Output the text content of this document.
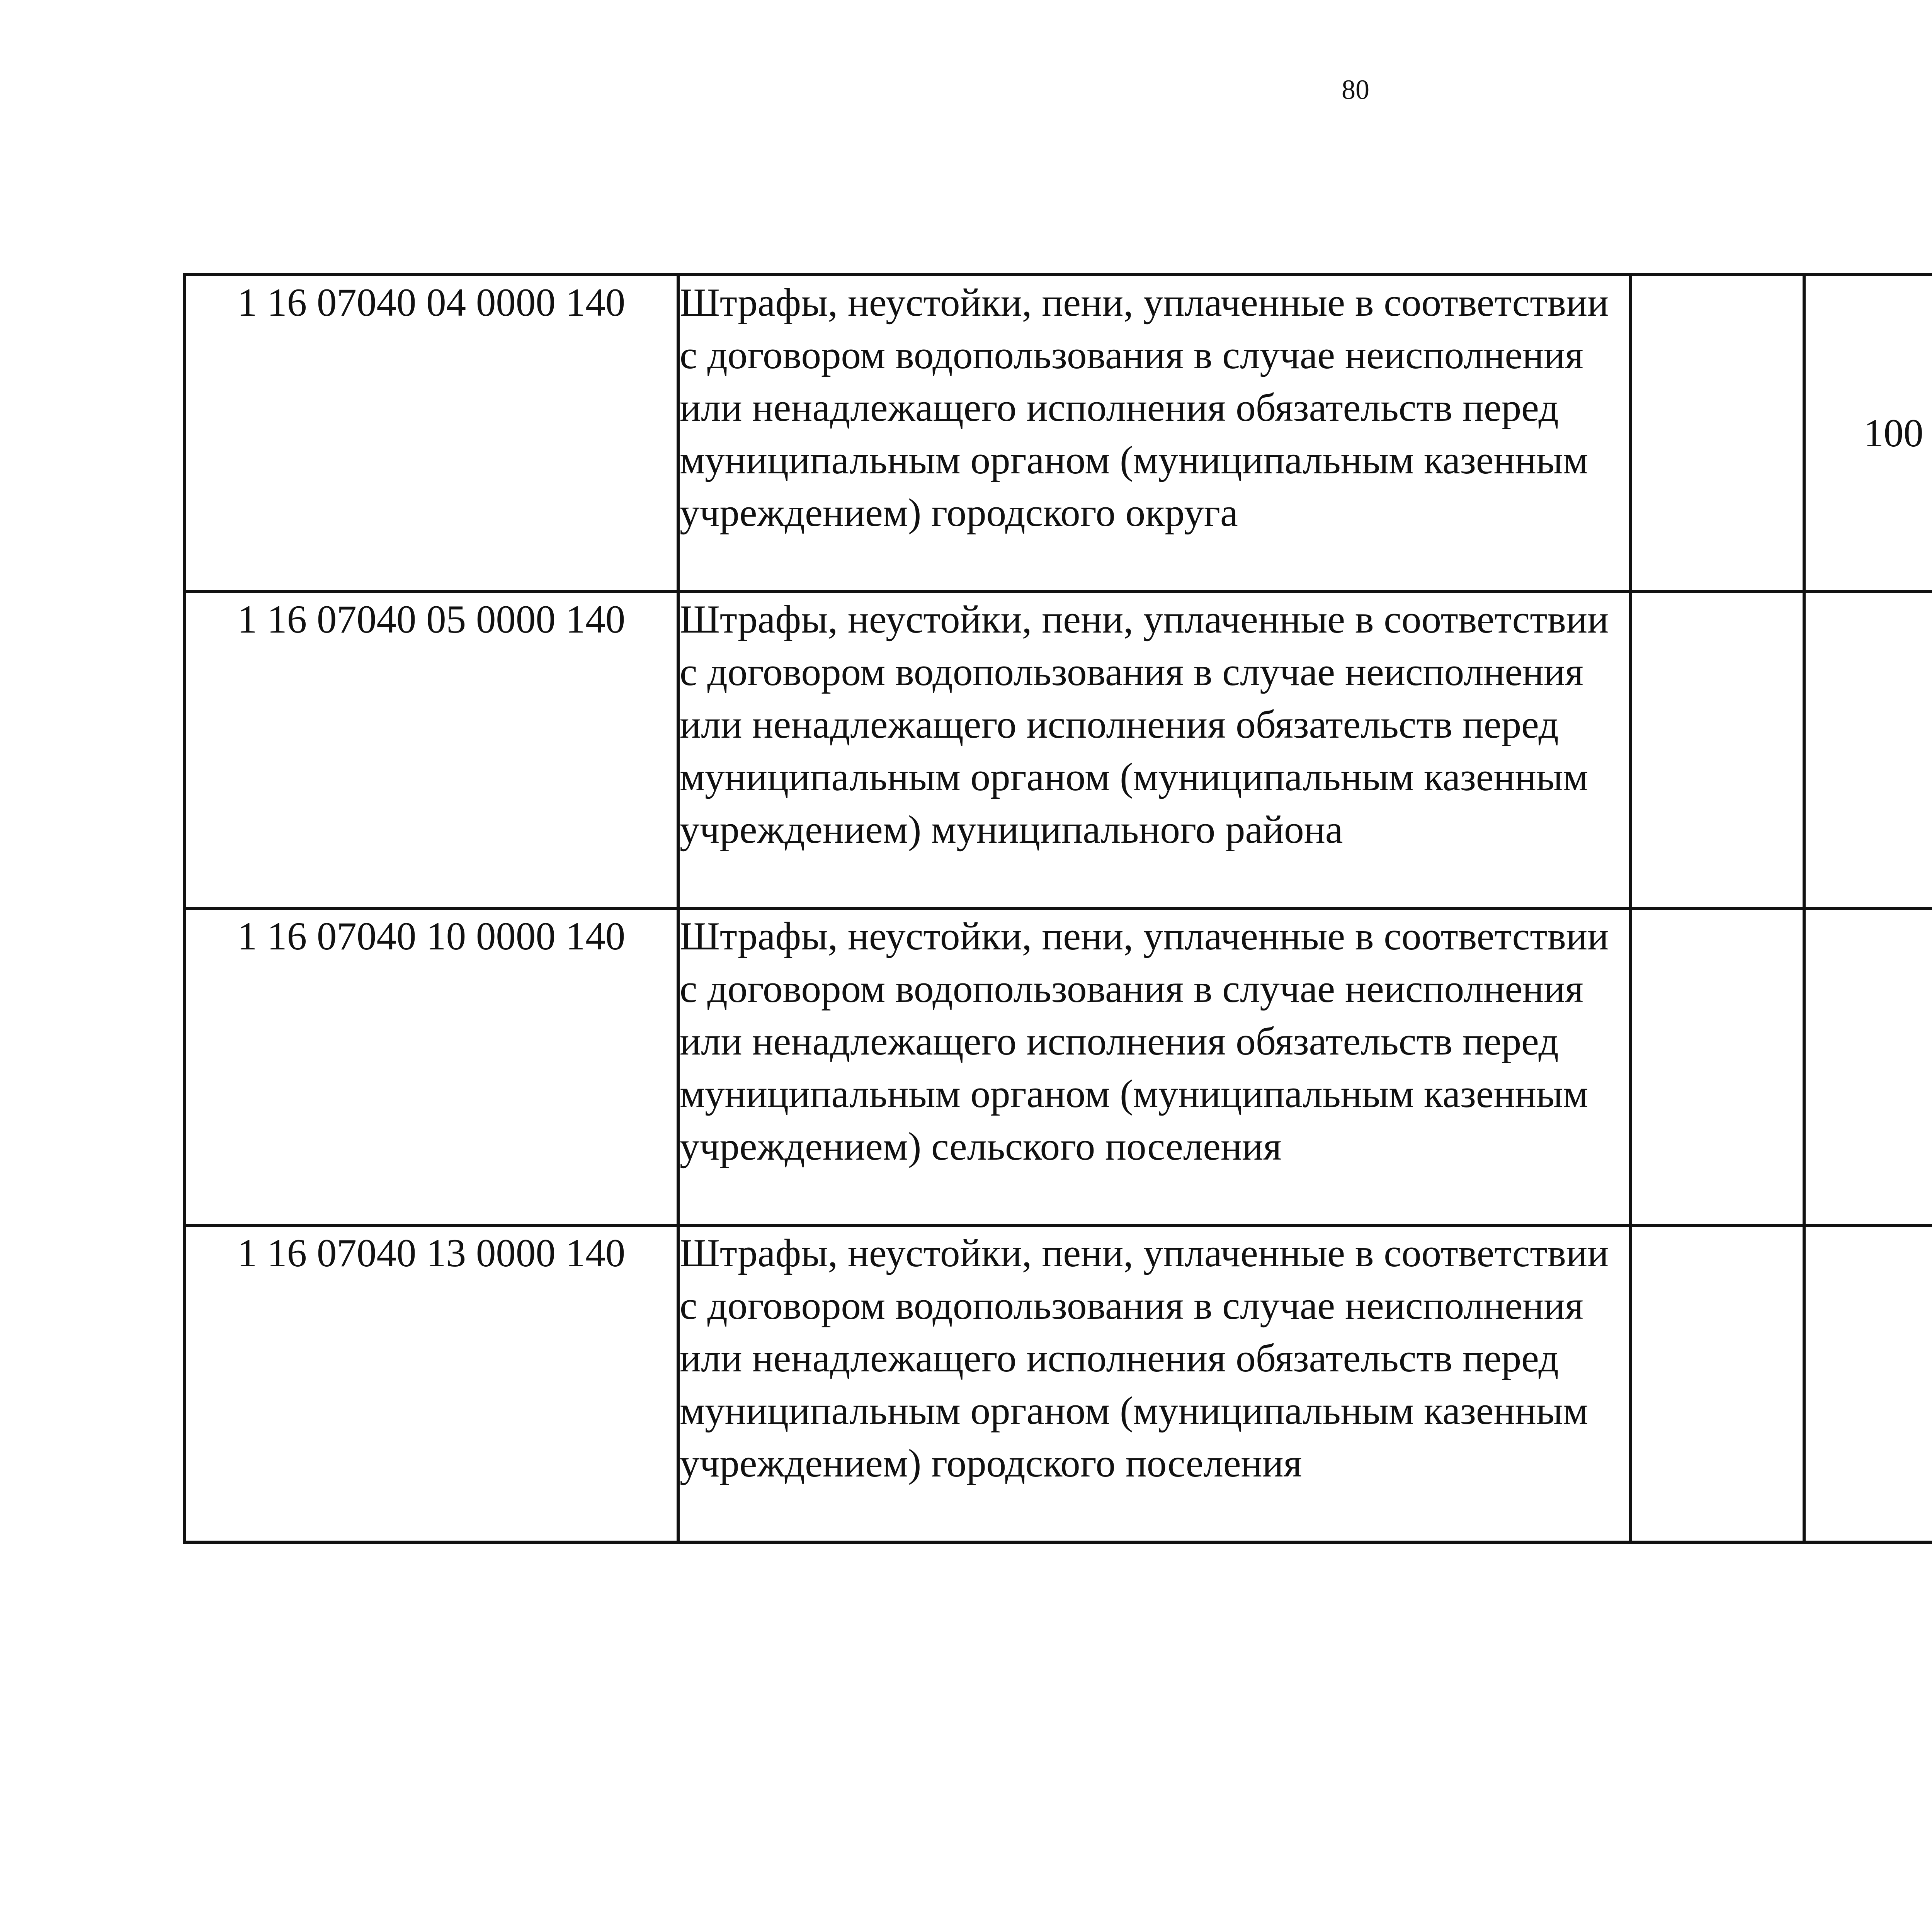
80
1 16 07040 04 0000 140	Штрафы, неустойки, пени, уплаченные в соответствии с договором водопользования в случае неисполнения или ненадлежащего исполнения обязательств перед муниципальным органом (муниципальным казенным учреждением) городского округа		100			
1 16 07040 05 0000 140	Штрафы, неустойки, пени, уплаченные в соответствии с договором водопользования в случае неисполнения или ненадлежащего исполнения обязательств перед муниципальным органом (муниципальным казенным учреждением) муниципального района					
1 16 07040 10 0000 140	Штрафы, неустойки, пени, уплаченные в соответствии с договором водопользования в случае неисполнения или ненадлежащего исполнения обязательств перед муниципальным органом (муниципальным казенным учреждением) сельского поселения					
1 16 07040 13 0000 140	Штрафы, неустойки, пени, уплаченные в соответствии с договором водопользования в случае неисполнения или ненадлежащего исполнения обязательств перед муниципальным органом (муниципальным казенным учреждением) городского поселения					
